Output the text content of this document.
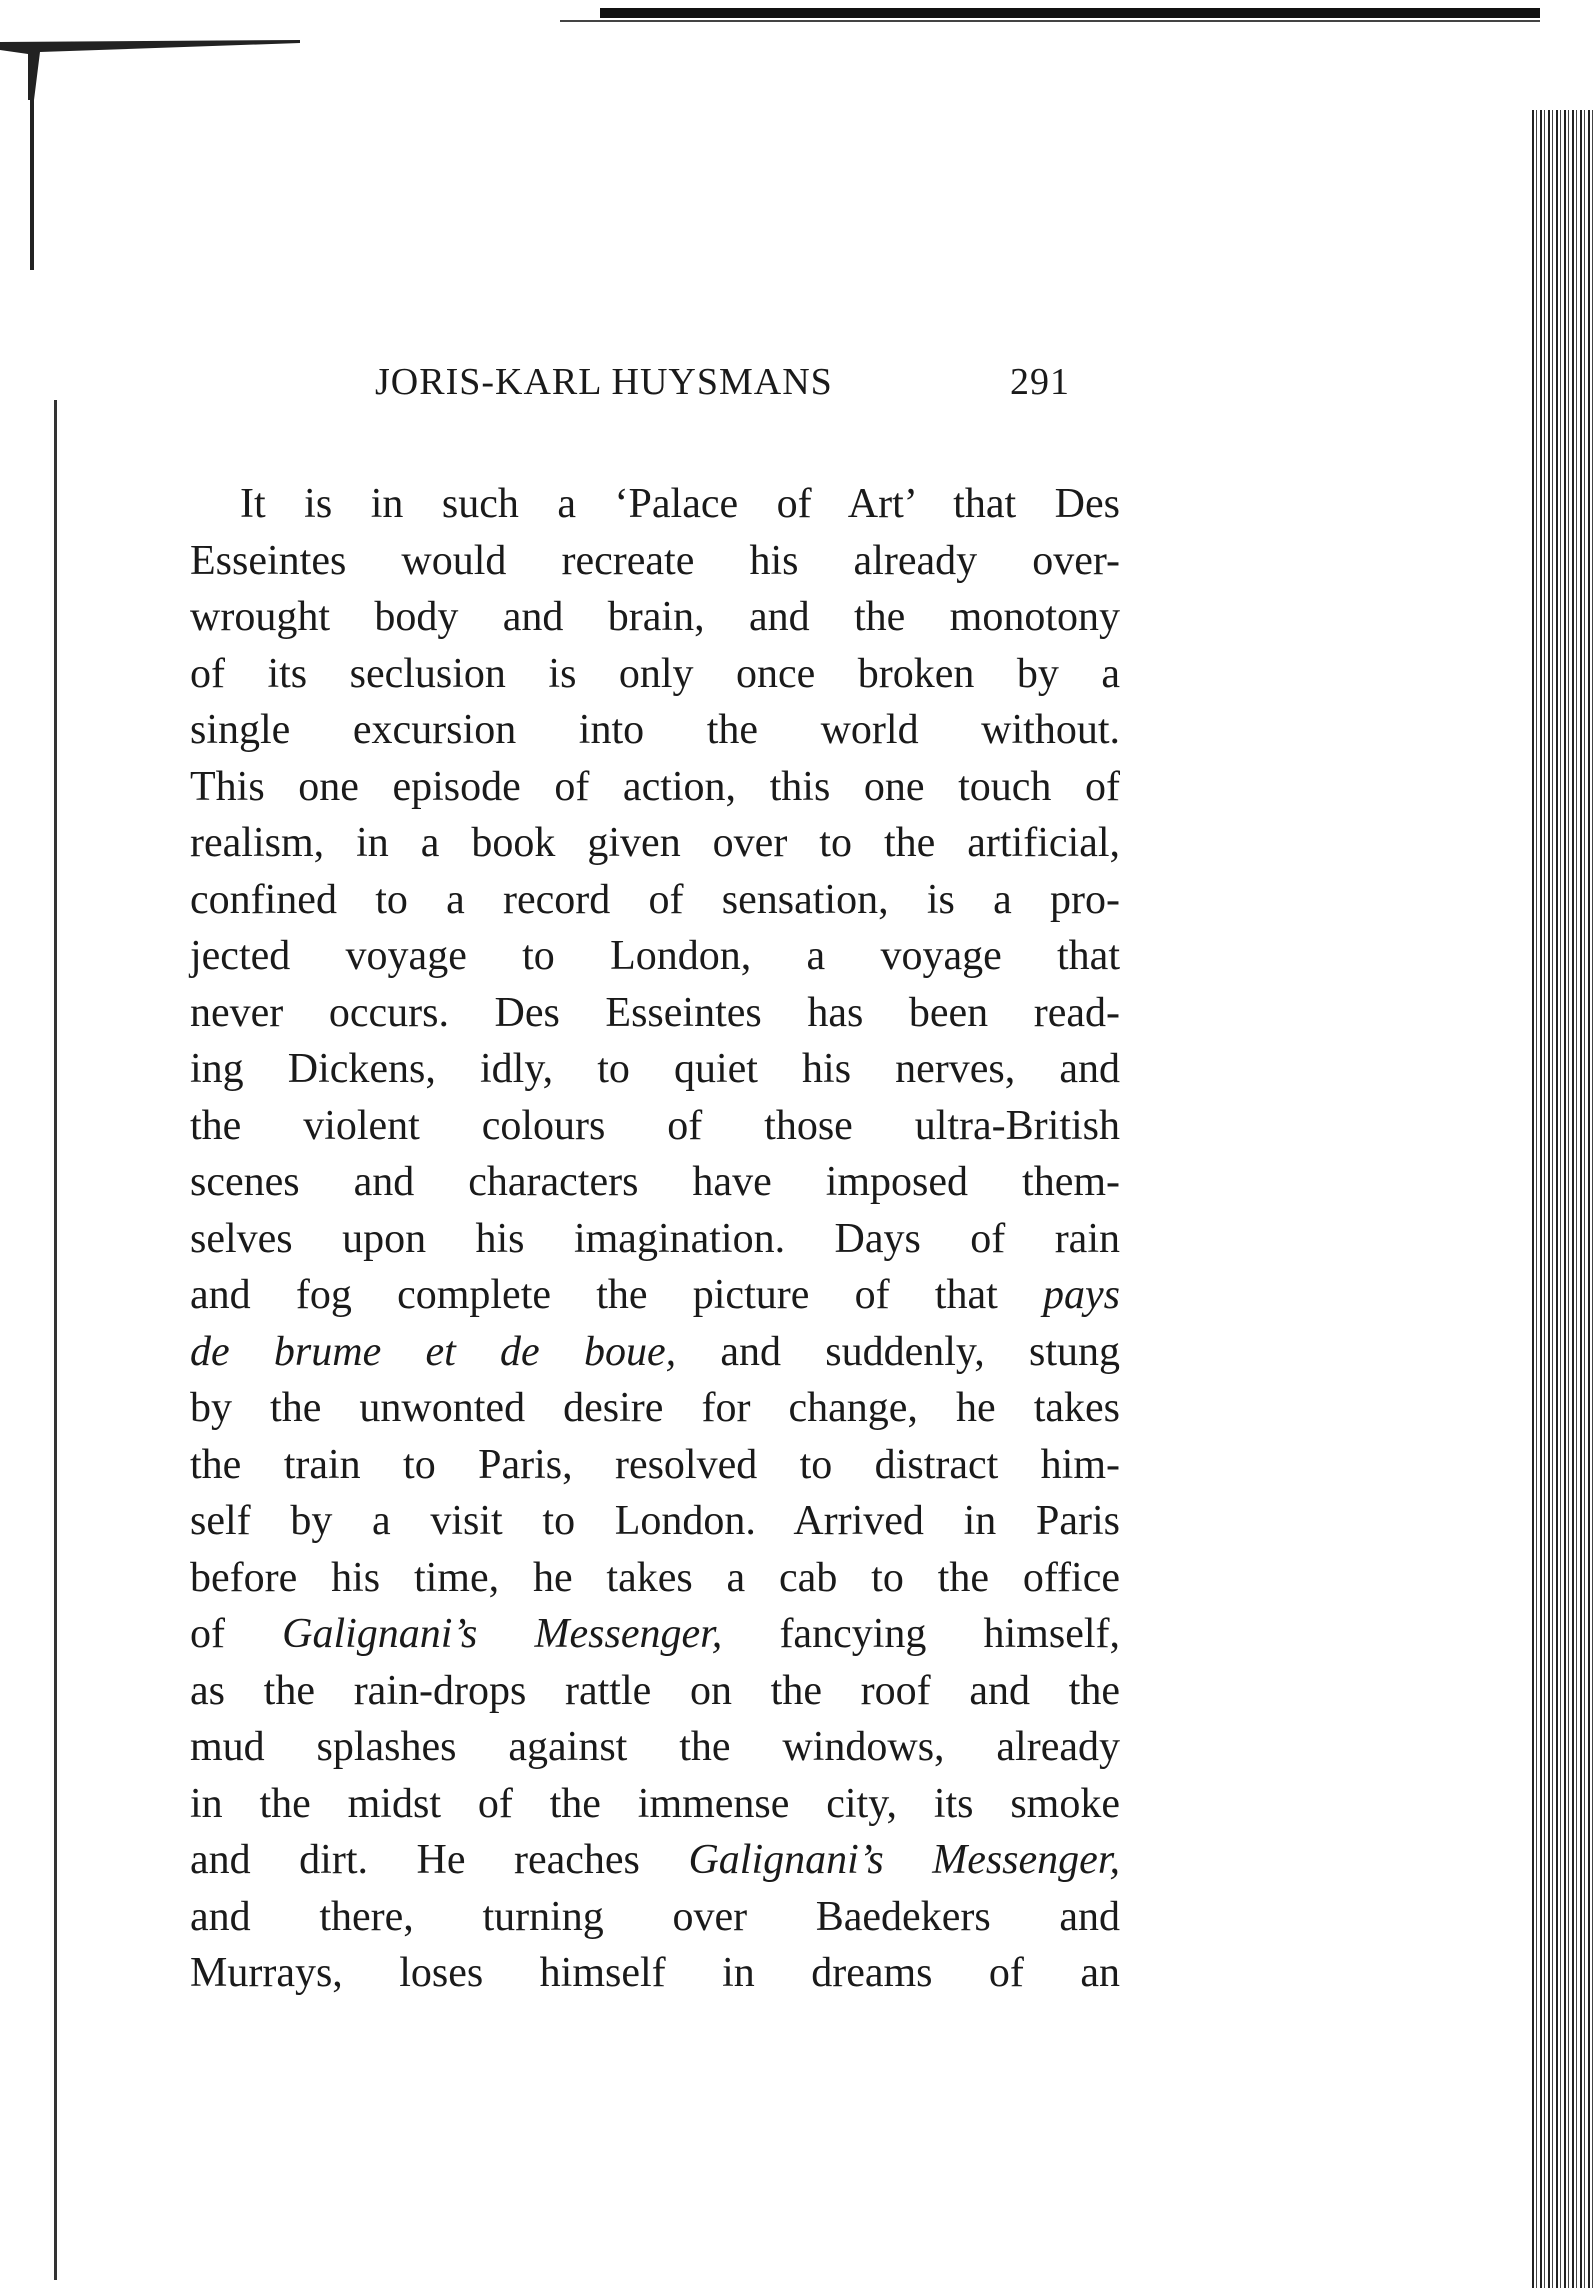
JORIS-KARL HUYSMANS	291
It is in such a ‘Palace of Art’ that Des
Esseintes would recreate his already over-
wrought body and brain, and the monotony
of its seclusion is only once broken by a
single excursion into the world without.
This one episode of action, this one touch of
realism, in a book given over to the artificial,
confined to a record of sensation, is a pro-
jected voyage to London, a voyage that
never occurs. Des Esseintes has been read-
ing Dickens, idly, to quiet his nerves, and
the violent colours of those ultra-British
scenes and characters have imposed them-
selves upon his imagination. Days of rain
and fog complete the picture of that pays
de brume et de boue, and suddenly, stung
by the unwonted desire for change, he takes
the train to Paris, resolved to distract him-
self by a visit to London. Arrived in Paris
before his time, he takes a cab to the office
of Galignani’s Messenger, fancying himself,
as the rain-drops rattle on the roof and the
mud splashes against the windows, already
in the midst of the immense city, its smoke
and dirt. He reaches Galignani’s Messenger,
and there, turning over Baedekers and
Murrays, loses himself in dreams of an
